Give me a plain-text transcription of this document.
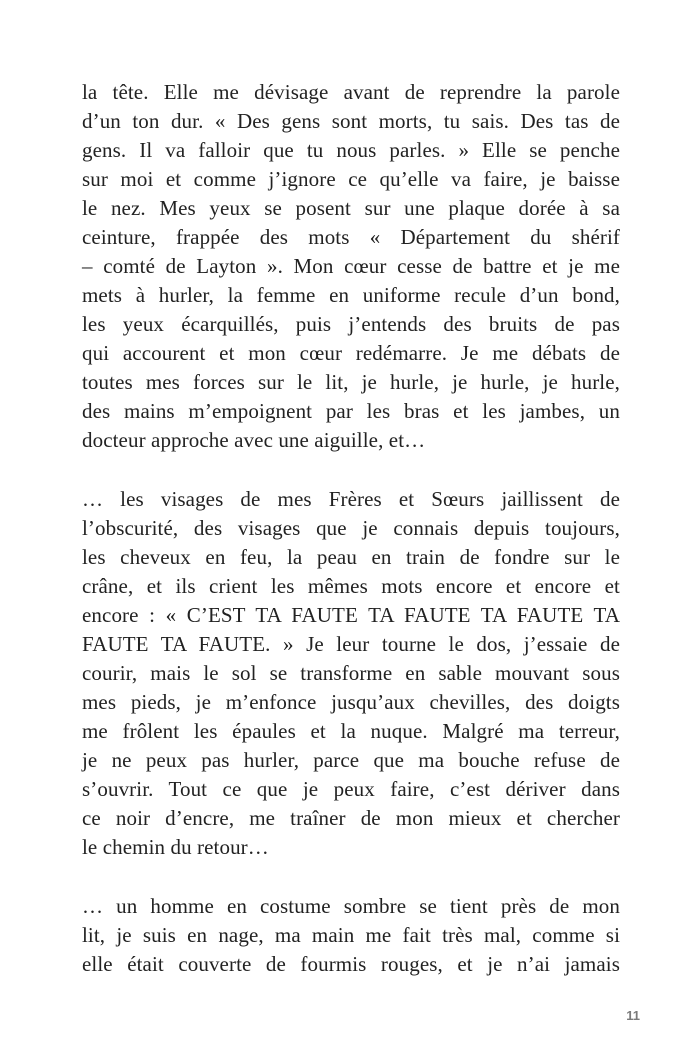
la tête. Elle me dévisage avant de reprendre la parole
d’un ton dur. « Des gens sont morts, tu sais. Des tas de
gens. Il va falloir que tu nous parles. » Elle se penche
sur moi et comme j’ignore ce qu’elle va faire, je baisse
le nez. Mes yeux se posent sur une plaque dorée à sa
ceinture, frappée des mots « Département du shérif
– comté de Layton ». Mon cœur cesse de battre et je me
mets à hurler, la femme en uniforme recule d’un bond,
les yeux écarquillés, puis j’entends des bruits de pas
qui accourent et mon cœur redémarre. Je me débats de
toutes mes forces sur le lit, je hurle, je hurle, je hurle,
des mains m’empoignent par les bras et les jambes, un
docteur approche avec une aiguille, et…
… les visages de mes Frères et Sœurs jaillissent de
l’obscurité, des visages que je connais depuis toujours,
les cheveux en feu, la peau en train de fondre sur le
crâne, et ils crient les mêmes mots encore et encore et
encore : « C’EST TA FAUTE TA FAUTE TA FAUTE TA
FAUTE TA FAUTE. » Je leur tourne le dos, j’essaie de
courir, mais le sol se transforme en sable mouvant sous
mes pieds, je m’enfonce jusqu’aux chevilles, des doigts
me frôlent les épaules et la nuque. Malgré ma terreur,
je ne peux pas hurler, parce que ma bouche refuse de
s’ouvrir. Tout ce que je peux faire, c’est dériver dans
ce noir d’encre, me traîner de mon mieux et chercher
le chemin du retour…
… un homme en costume sombre se tient près de mon
lit, je suis en nage, ma main me fait très mal, comme si
elle était couverte de fourmis rouges, et je n’ai jamais
11
